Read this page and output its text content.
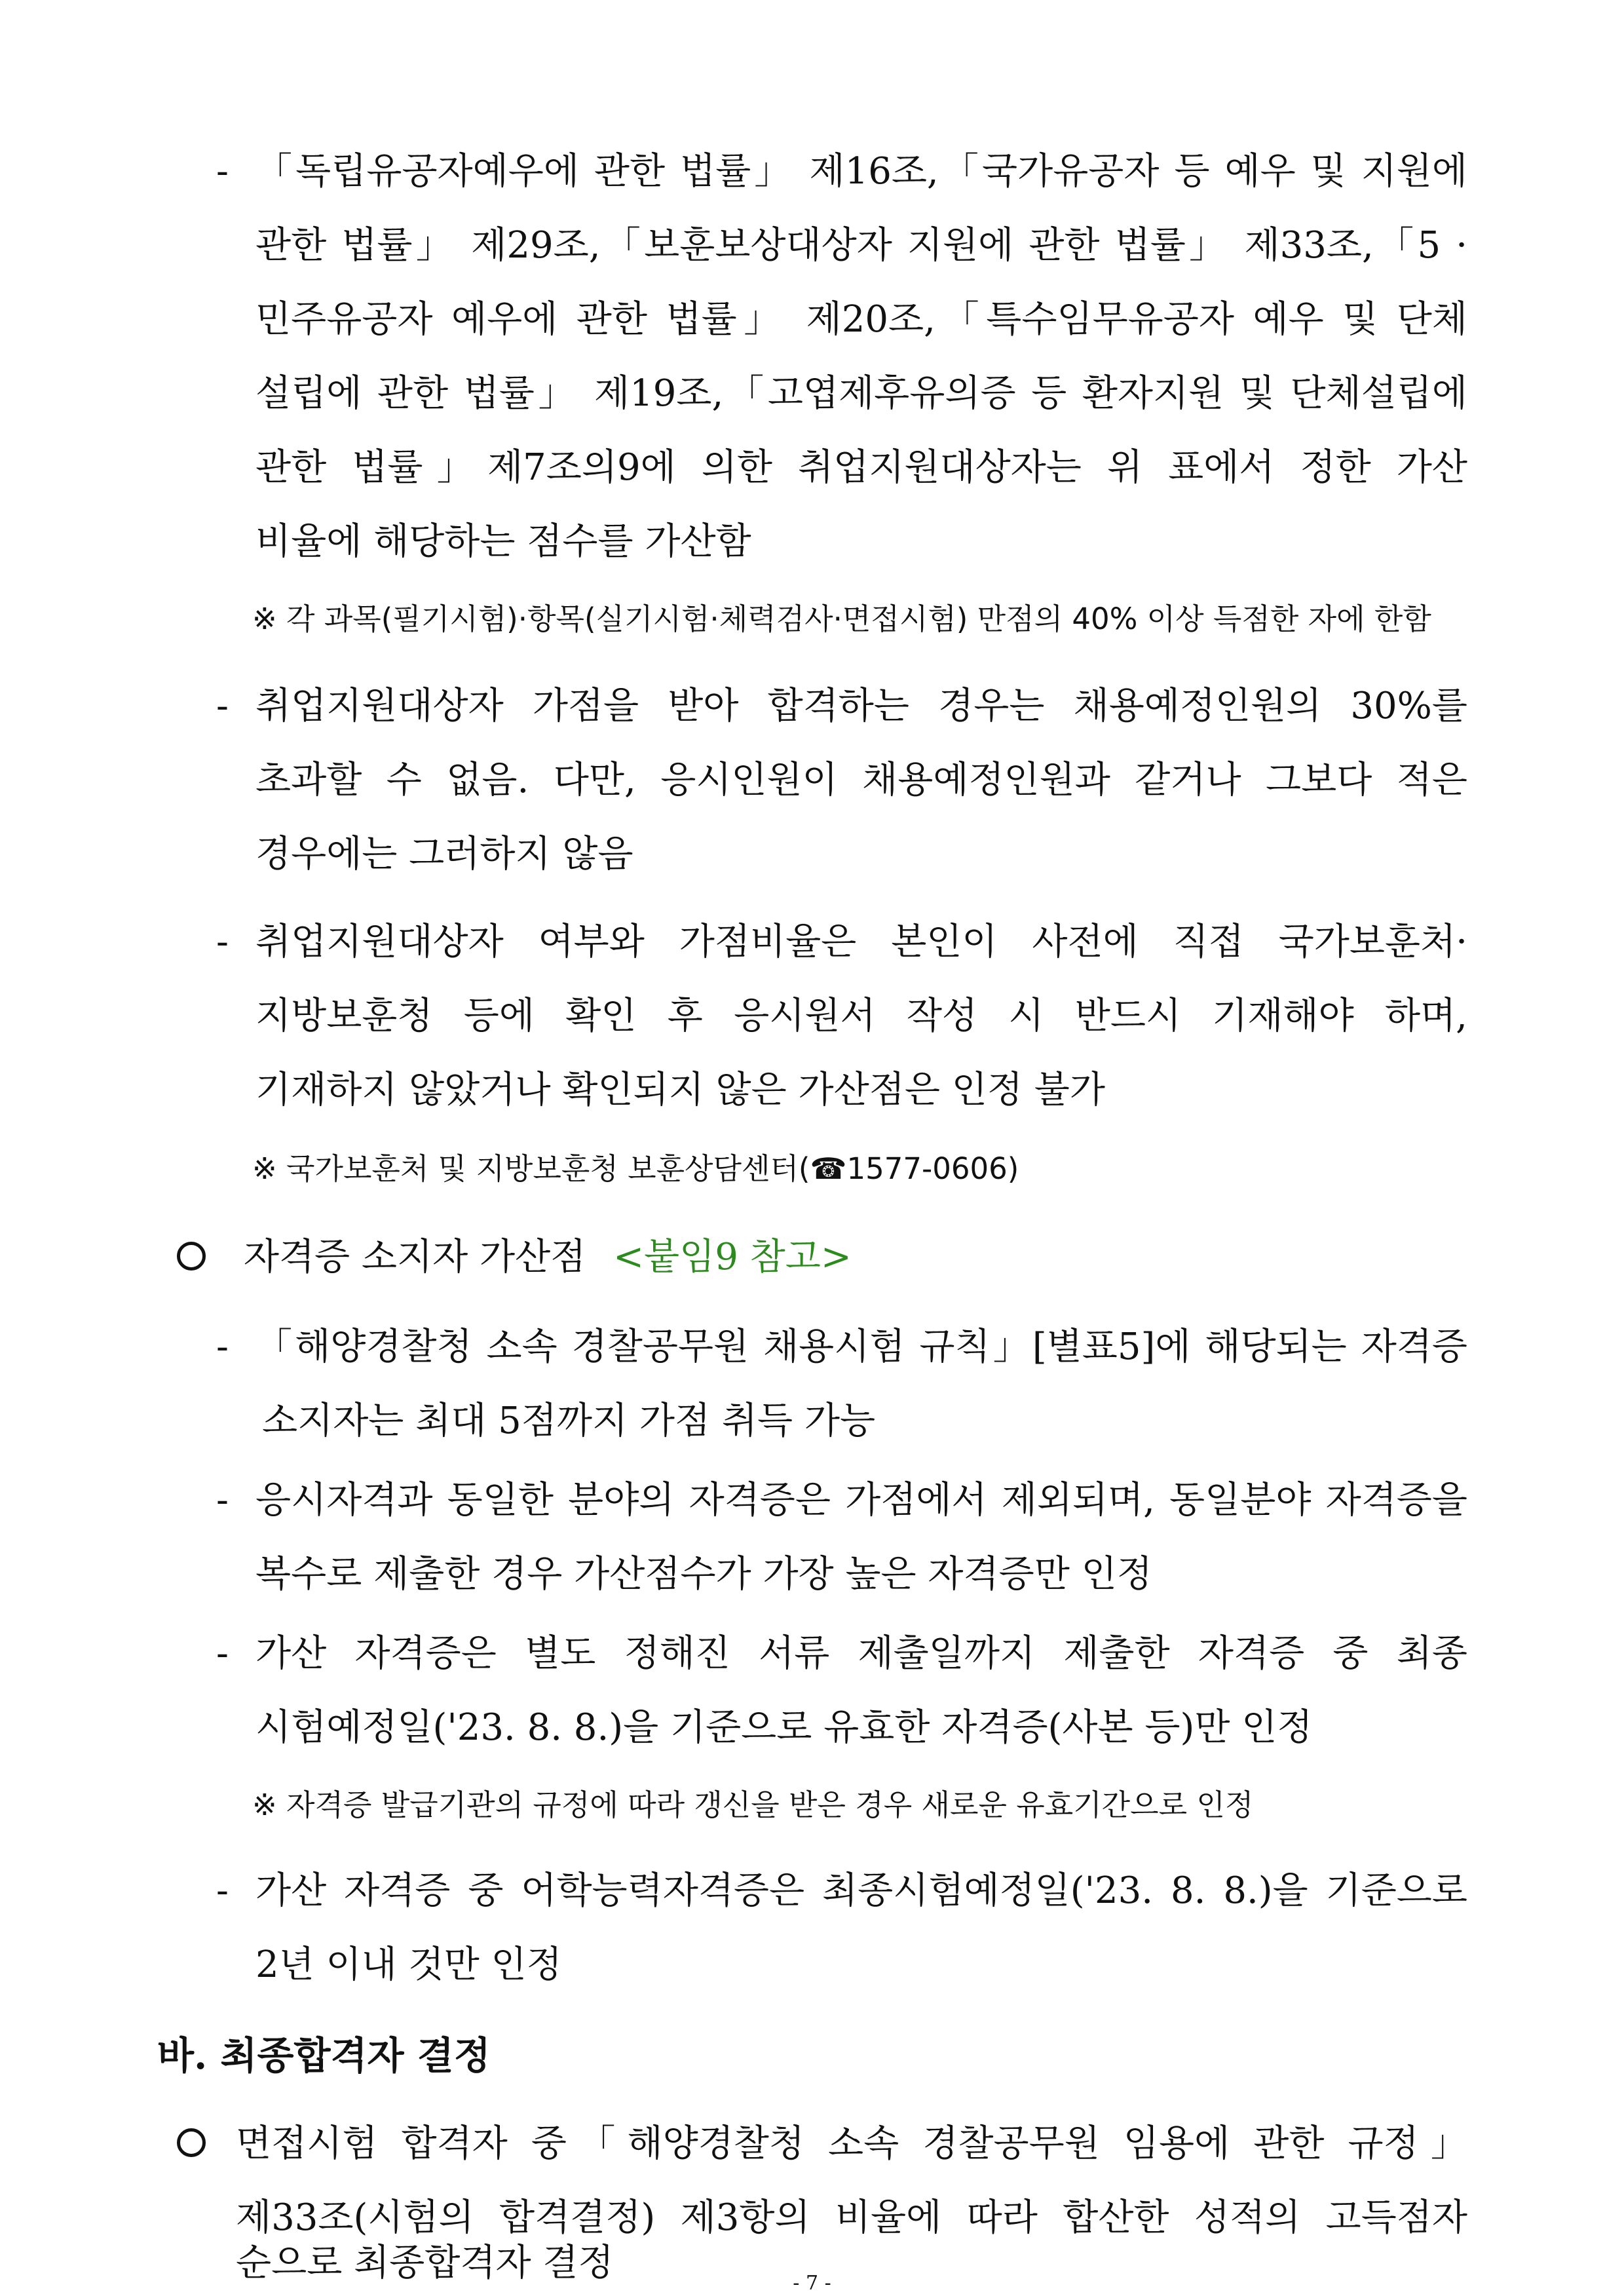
- 「독립유공자예우에 관한 법률」 제16조,「국가유공자 등 예우 및 지원에
관한 법률」 제29조,「보훈보상대상자 지원에 관한 법률」 제33조,「5 ·
민주유공자 예우에 관한 법률」 제20조,「특수임무유공자 예우 및 단체
설립에 관한 법률」 제19조,「고엽제후유의증 등 환자지원 및 단체설립에
관한 법률」제7조의9에 의한 취업지원대상자는 위 표에서 정한 가산
비율에 해당하는 점수를 가산함
※ 각 과목(필기시험)·항목(실기시험·체력검사·면접시험) 만점의 40% 이상 득점한 자에 한함
- 취업지원대상자 가점을 받아 합격하는 경우는 채용예정인원의 30%를
초과할 수 없음. 다만, 응시인원이 채용예정인원과 같거나 그보다 적은
경우에는 그러하지 않음
- 취업지원대상자 여부와 가점비율은 본인이 사전에 직접 국가보훈처·
지방보훈청 등에 확인 후 응시원서 작성 시 반드시 기재해야 하며,
기재하지 않았거나 확인되지 않은 가산점은 인정 불가
※ 국가보훈처 및 지방보훈청 보훈상담센터(☎1577-0606)
자격증 소지자 가산점 <붙임9 참고>
- 「해양경찰청 소속 경찰공무원 채용시험 규칙」[별표5]에 해당되는 자격증
소지자는 최대 5점까지 가점 취득 가능
- 응시자격과 동일한 분야의 자격증은 가점에서 제외되며, 동일분야 자격증을
복수로 제출한 경우 가산점수가 가장 높은 자격증만 인정
- 가산 자격증은 별도 정해진 서류 제출일까지 제출한 자격증 중 최종
시험예정일('23. 8. 8.)을 기준으로 유효한 자격증(사본 등)만 인정
※ 자격증 발급기관의 규정에 따라 갱신을 받은 경우 새로운 유효기간으로 인정
- 가산 자격증 중 어학능력자격증은 최종시험예정일('23. 8. 8.)을 기준으로
2년 이내 것만 인정
바. 최종합격자 결정
면접시험 합격자 중「해양경찰청 소속 경찰공무원 임용에 관한 규정」
제33조(시험의 합격결정) 제3항의 비율에 따라 합산한 성적의 고득점자
순으로 최종합격자 결정	- 7 -
